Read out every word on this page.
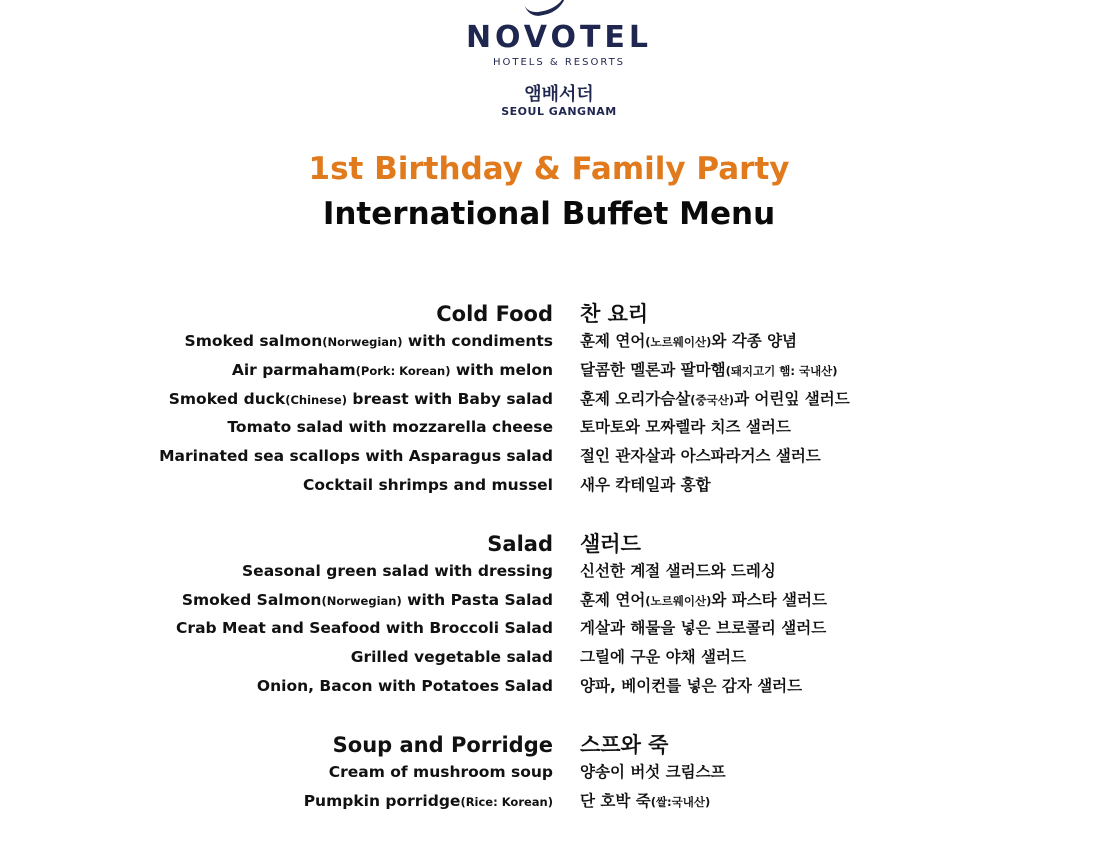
NOVOTEL
HOTELS & RESORTS
앰배서더
SEOUL GANGNAM
1st Birthday & Family Party
International Buffet Menu
Cold Food 찬 요리
Smoked salmon(Norwegian) with condiments 훈제 연어(노르웨이산)와 각종 양념
Air parmaham(Pork: Korean) with melon 달콤한 멜론과 팔마햄(돼지고기 햄: 국내산)
Smoked duck(Chinese) breast with Baby salad 훈제 오리가슴살(중국산)과 어린잎 샐러드
Tomato salad with mozzarella cheese 토마토와 모짜렐라 치즈 샐러드
Marinated sea scallops with Asparagus salad 절인 관자살과 아스파라거스 샐러드
Cocktail shrimps and mussel 새우 칵테일과 홍합
Salad 샐러드
Seasonal green salad with dressing 신선한 계절 샐러드와 드레싱
Smoked Salmon(Norwegian) with Pasta Salad 훈제 연어(노르웨이산)와 파스타 샐러드
Crab Meat and Seafood with Broccoli Salad 게살과 해물을 넣은 브로콜리 샐러드
Grilled vegetable salad 그릴에 구운 야채 샐러드
Onion, Bacon with Potatoes Salad 양파, 베이컨를 넣은 감자 샐러드
Soup and Porridge 스프와 죽
Cream of mushroom soup 양송이 버섯 크림스프
Pumpkin porridge(Rice: Korean) 단 호박 죽(쌀:국내산)
